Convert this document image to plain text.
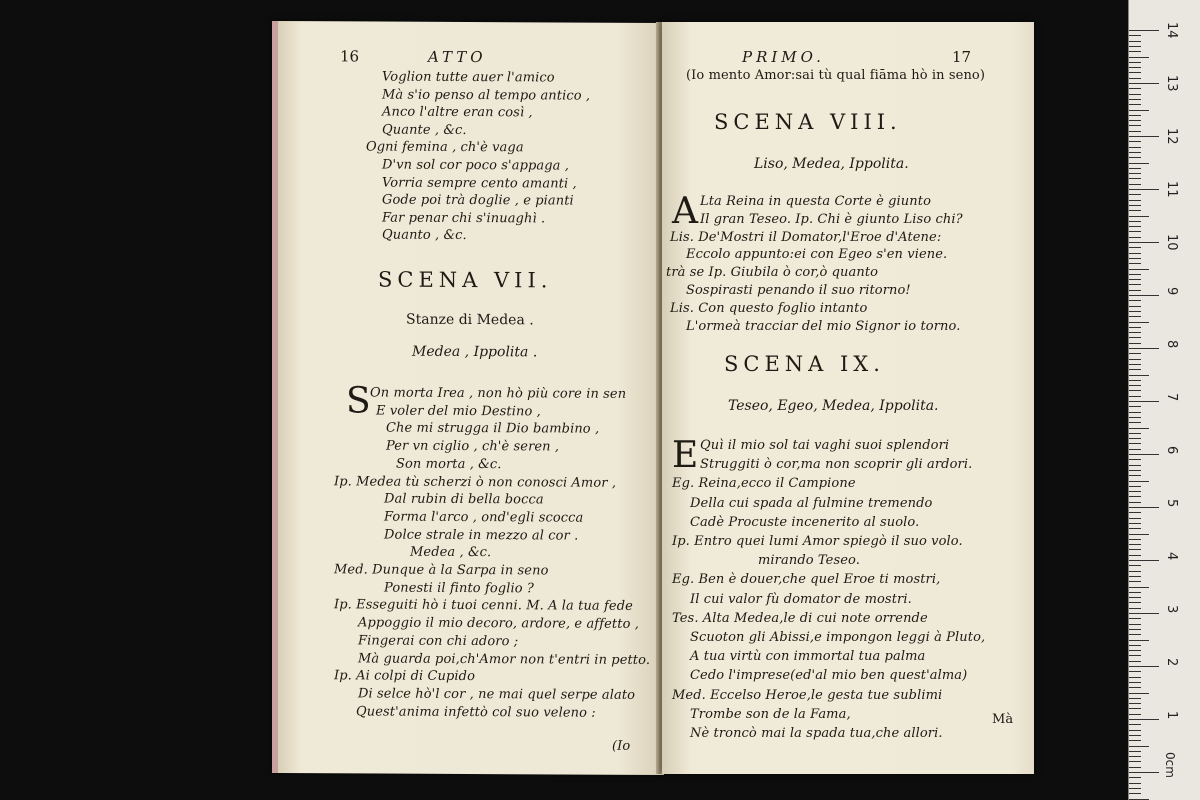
16	ATTO
SCENA VII.
Stanze di Medea .
Medea , Ippolita .
S
(Io
Voglion tutte auer l'amico
Mà s'io penso al tempo antico ,
Anco l'altre eran così ,
Quante , &c.
Ogni femina , ch'è vaga
D'vn sol cor poco s'appaga ,
Vorria sempre cento amanti ,
Gode poi trà doglie , e pianti
Far penar chi s'inuaghì .
Quanto , &c.
On morta Irea , non hò più core in sen
E voler del mio Destino ,
Che mi strugga il Dio bambino ,
Per vn ciglio , ch'è seren ,
Son morta , &c.
Ip. Medea tù scherzi ò non conosci Amor ,
Dal rubin di bella bocca
Forma l'arco , ond'egli scocca
Dolce strale in mezzo al cor .
Medea , &c.
Med. Dunque à la Sarpa in seno
Ponesti il finto foglio ?
Ip. Esseguiti hò i tuoi cenni. M. A la tua fede
Appoggio il mio decoro, ardore, e affetto ,
Fingerai con chi adoro ;
Mà guarda poi,ch'Amor non t'entri in petto.
Ip. Ai colpi di Cupido
Di selce hò'l cor , ne mai quel serpe alato
Quest'anima infettò col suo veleno :
PRIMO.	17
(Io mento Amor:sai tù qual fiāma hò in seno)
SCENA VIII.
Liso, Medea, Ippolita.
A
SCENA IX.
Teseo, Egeo, Medea, Ippolita.
E
Mà
Lta Reina in questa Corte è giunto
Il gran Teseo. Ip. Chi è giunto Liso chi?
Lis. De'Mostri il Domator,l'Eroe d'Atene:
Eccolo appunto:ei con Egeo s'en viene.
trà se Ip. Giubila ò cor,ò quanto
Sospirasti penando il suo ritorno!
Lis. Con questo foglio intanto
L'ormeà tracciar del mio Signor io torno.
Quì il mio sol tai vaghi suoi splendori
Struggiti ò cor,ma non scoprir gli ardori.
Eg. Reina,ecco il Campione
Della cui spada al fulmine tremendo
Cadè Procuste incenerito al suolo.
Ip. Entro quei lumi Amor spiegò il suo volo.
mirando Teseo.
Eg. Ben è douer,che quel Eroe ti mostri,
Il cui valor fù domator de mostri.
Tes. Alta Medea,le di cui note orrende
Scuoton gli Abissi,e impongon leggi à Pluto,
A tua virtù con immortal tua palma
Cedo l'imprese(ed'al mio ben quest'alma)
Med. Eccelso Heroe,le gesta tue sublimi
Trombe son de la Fama,
Nè troncò mai la spada tua,che allori.
0cm
14
13
12
11
10
9
8
7
6
5
4
3
2
1
